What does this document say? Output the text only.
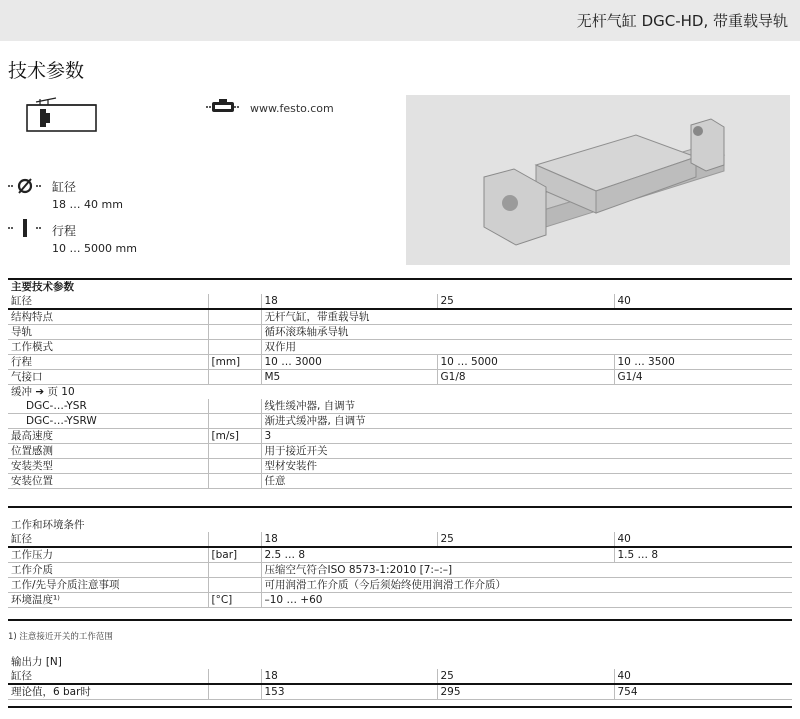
无杆气缸 DGC-HD, 带重载导轨
技术参数
www.festo.com
缸径
18 … 40 mm
行程
10 … 5000 mm
主要技术参数				
缸径		18	25	40
结构特点		无杆气缸，带重载导轨		
导轨		循环滚珠轴承导轨		
工作模式		双作用		
行程	[mm]	10 … 3000	10 … 5000	10 … 3500
气接口		M5	G1/8	G1/4
缓冲 ➔ 页 10				
DGC-…-YSR		线性缓冲器, 自调节		
DGC-…-YSRW		渐进式缓冲器, 自调节		
最高速度	[m/s]	3		
位置感测		用于接近开关		
安装类型		型材安装件		
安装位置		任意		
工作和环境条件				
缸径		18	25	40
工作压力	[bar]	2.5 … 8		1.5 … 8
工作介质		压缩空气符合ISO 8573-1:2010 [7:–:–]		
工作/先导介质注意事项		可用润滑工作介质（今后须始终使用润滑工作介质）		
环境温度¹⁾	[°C]	–10 … +60		
1) 注意接近开关的工作范围
输出力 [N]				
缸径		18	25	40
理论值，6 bar时		153	295	754
